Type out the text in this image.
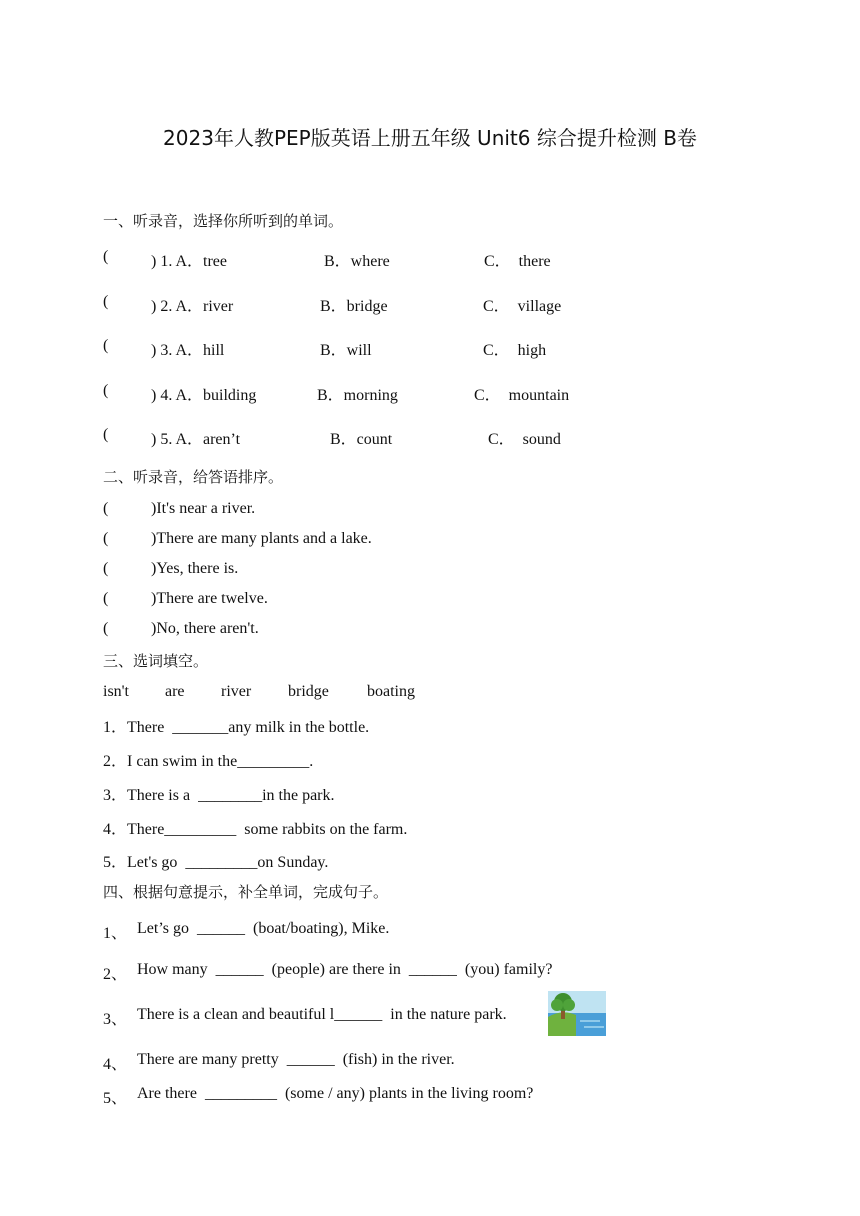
2023年人教PEP版英语上册五年级 Unit6 综合提升检测 B卷
一、听录音，选择你所听到的单词。
(	) 1. A．tree	B．where	C．  there
(	) 2. A．river	B．bridge	C．  village
(	) 3. A．hill	B．will	C．  high
(	) 4. A．building	B．morning	C．  mountain
(	) 5. A．aren’t	B．count	C．  sound
二、听录音，给答语排序。
(	)It's near a river.
(	)There are many plants and a lake.
(	)Yes, there is.
(	)There are twelve.
(	)No, there aren't.
三、选词填空。
isn't are river bridge boating
1．There  _______any milk in the bottle.
2．I can swim in the_________.
3．There is a  ________in the park.
4．There_________  some rabbits on the farm.
5．Let's go  _________on Sunday.
四、根据句意提示，补全单词，完成句子。
1、 Let’s go  ______  (boat/boating), Mike.
2、 How many  ______  (people) are there in  ______  (you) family?
3、 There is a clean and beautiful l______  in the nature park.
4、 There are many pretty  ______  (fish) in the river.
5、 Are there  _________  (some / any) plants in the living room?
